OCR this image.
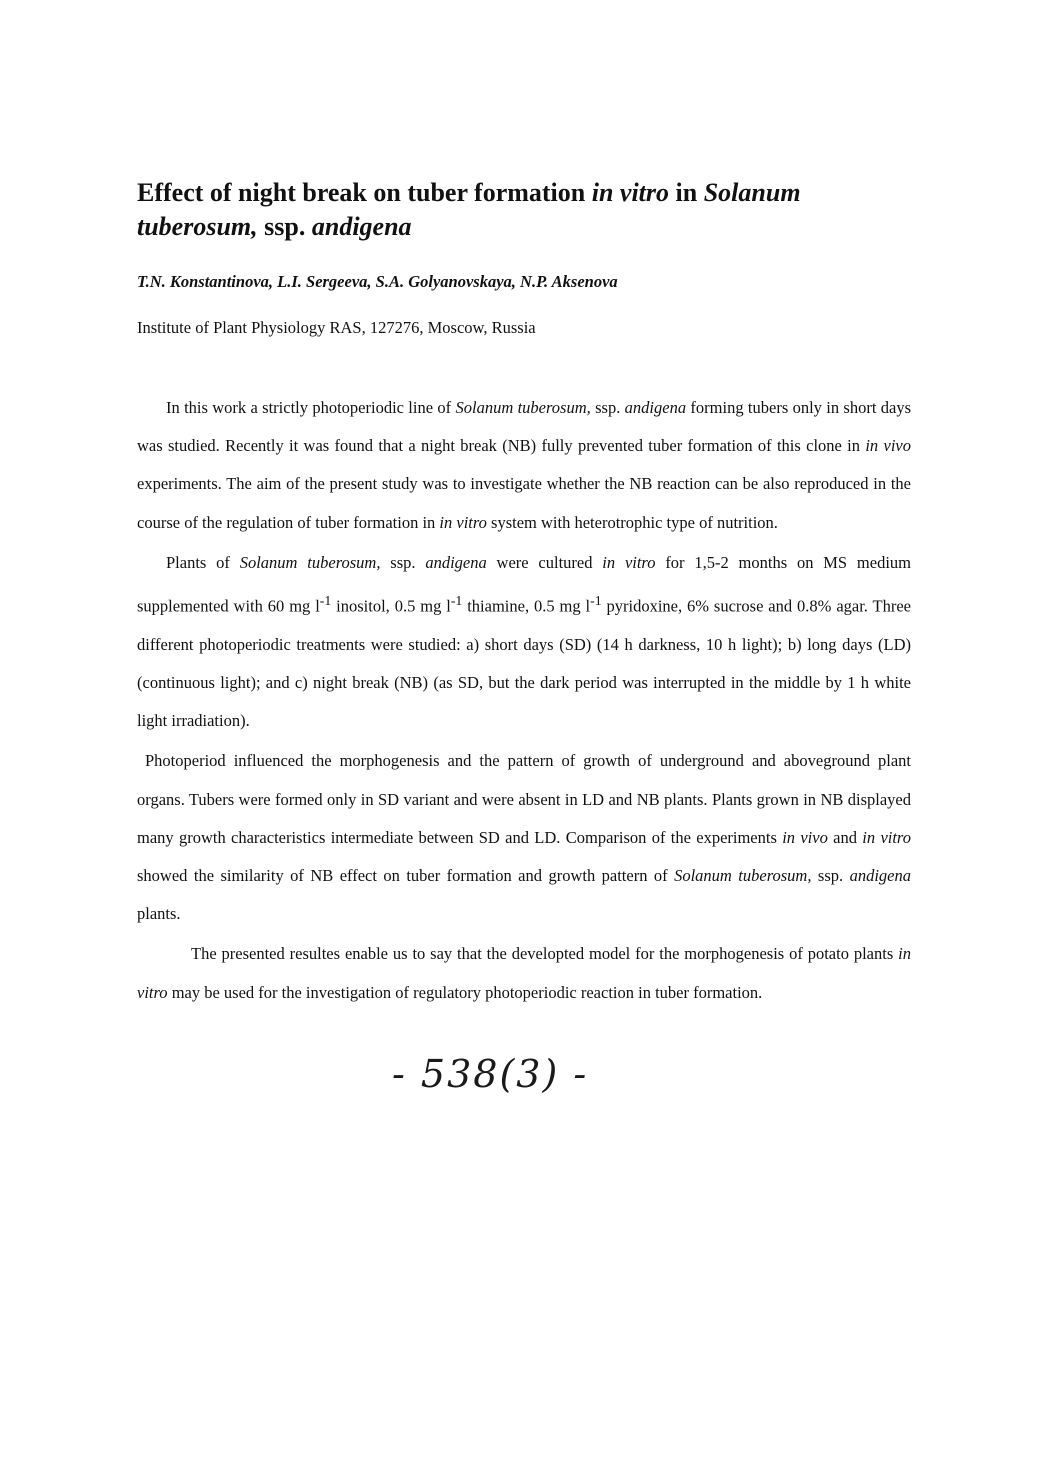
Effect of night break on tuber formation in vitro in Solanum tuberosum, ssp. andigena

T.N. Konstantinova, L.I. Sergeeva, S.A. Golyanovskaya, N.P. Aksenova

Institute of Plant Physiology RAS, 127276, Moscow, Russia

In this work a strictly photoperiodic line of Solanum tuberosum, ssp. andigena forming tubers only in short days was studied. Recently it was found that a night break (NB) fully prevented tuber formation of this clone in in vivo experiments. The aim of the present study was to investigate whether the NB reaction can be also reproduced in the course of the regulation of tuber formation in in vitro system with heterotrophic type of nutrition.

Plants of Solanum tuberosum, ssp. andigena were cultured in vitro for 1,5-2 months on MS medium supplemented with 60 mg $l^{-1}$ inositol, 0.5 mg $l^{-1}$ thiamine, 0.5 mg $l^{-1}$ pyridoxine, 6% sucrose and 0.8% agar. Three different photoperiodic treatments were studied: a) short days (SD) (14 h darkness, 10 h light); b) long days (LD) (continuous light); and c) night break (NB) (as SD, but the dark period was interrupted in the middle by 1 h white light irradiation).

Photoperiod influenced the morphogenesis and the pattern of growth of underground and aboveground plant organs. Tubers were formed only in SD variant and were absent in LD and NB plants. Plants grown in NB displayed many growth characteristics intermediate between SD and LD. Comparison of the experiments in vivo and in vitro showed the similarity of NB effect on tuber formation and growth pattern of Solanum tuberosum, ssp. andigena plants.

The presented resultes enable us to say that the developted model for the morphogenesis of potato plants in vitro may be used for the investigation of regulatory photoperiodic reaction in tuber formation.

- 538(3) -
